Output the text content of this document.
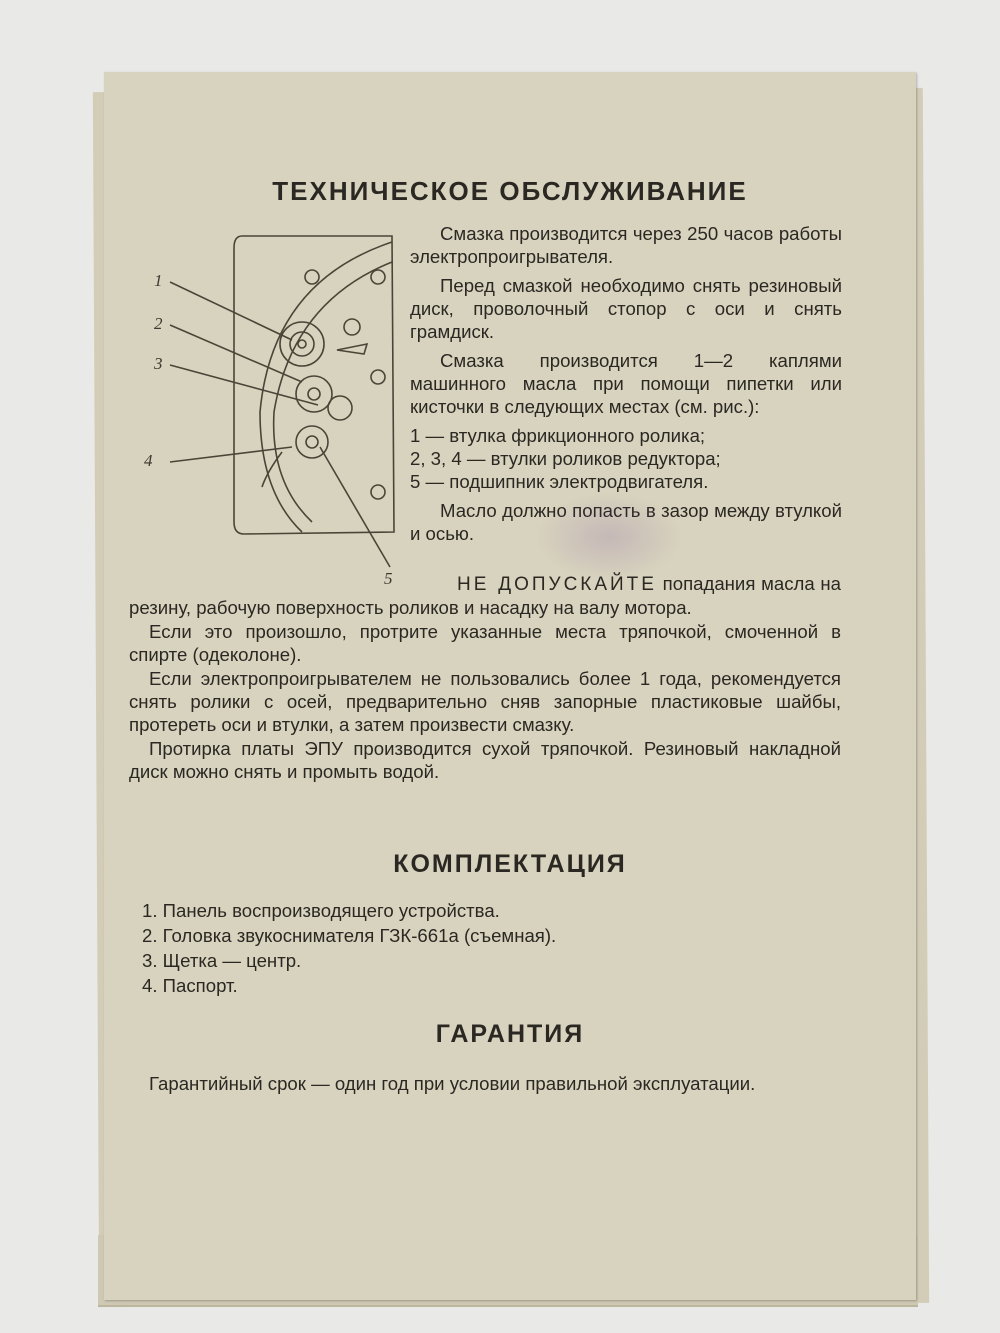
ТЕХНИЧЕСКОЕ ОБСЛУЖИВАНИЕ
1
2
3
4
5

Смазка производится через 250 часов работы электропроигрывателя.

Перед смазкой необходимо снять резиновый диск, проволочный стопор с оси и снять грамдиск.

Смазка производится 1—2 каплями машинного масла при помощи пипетки или кисточки в следующих местах (см. рис.):

1 — втулка фрикционного ролика;

2, 3, 4 — втулки роликов редуктора;

5 — подшипник электродвигателя.

Масло должно попасть в зазор между втулкой и осью.

НЕ ДОПУСКАЙТЕ попадания масла на резину, рабочую поверхность роликов и насадку на валу мотора.

Если это произошло, протрите указанные места тряпочкой, смоченной в спирте (одеколоне).

Если электропроигрывателем не пользовались более 1 года, рекомендуется снять ролики с осей, предварительно сняв запорные пластиковые шайбы, протереть оси и втулки, а затем произвести смазку.

Протирка платы ЭПУ производится сухой тряпочкой. Резиновый накладной диск можно снять и промыть водой.

КОМПЛЕКТАЦИЯ
1. Панель воспроизводящего устройства.
2. Головка звукоснимателя ГЗК-661а (съемная).
3. Щетка — центр.
4. Паспорт.
ГАРАНТИЯ

Гарантийный срок — один год при условии правильной эксплуатации.
